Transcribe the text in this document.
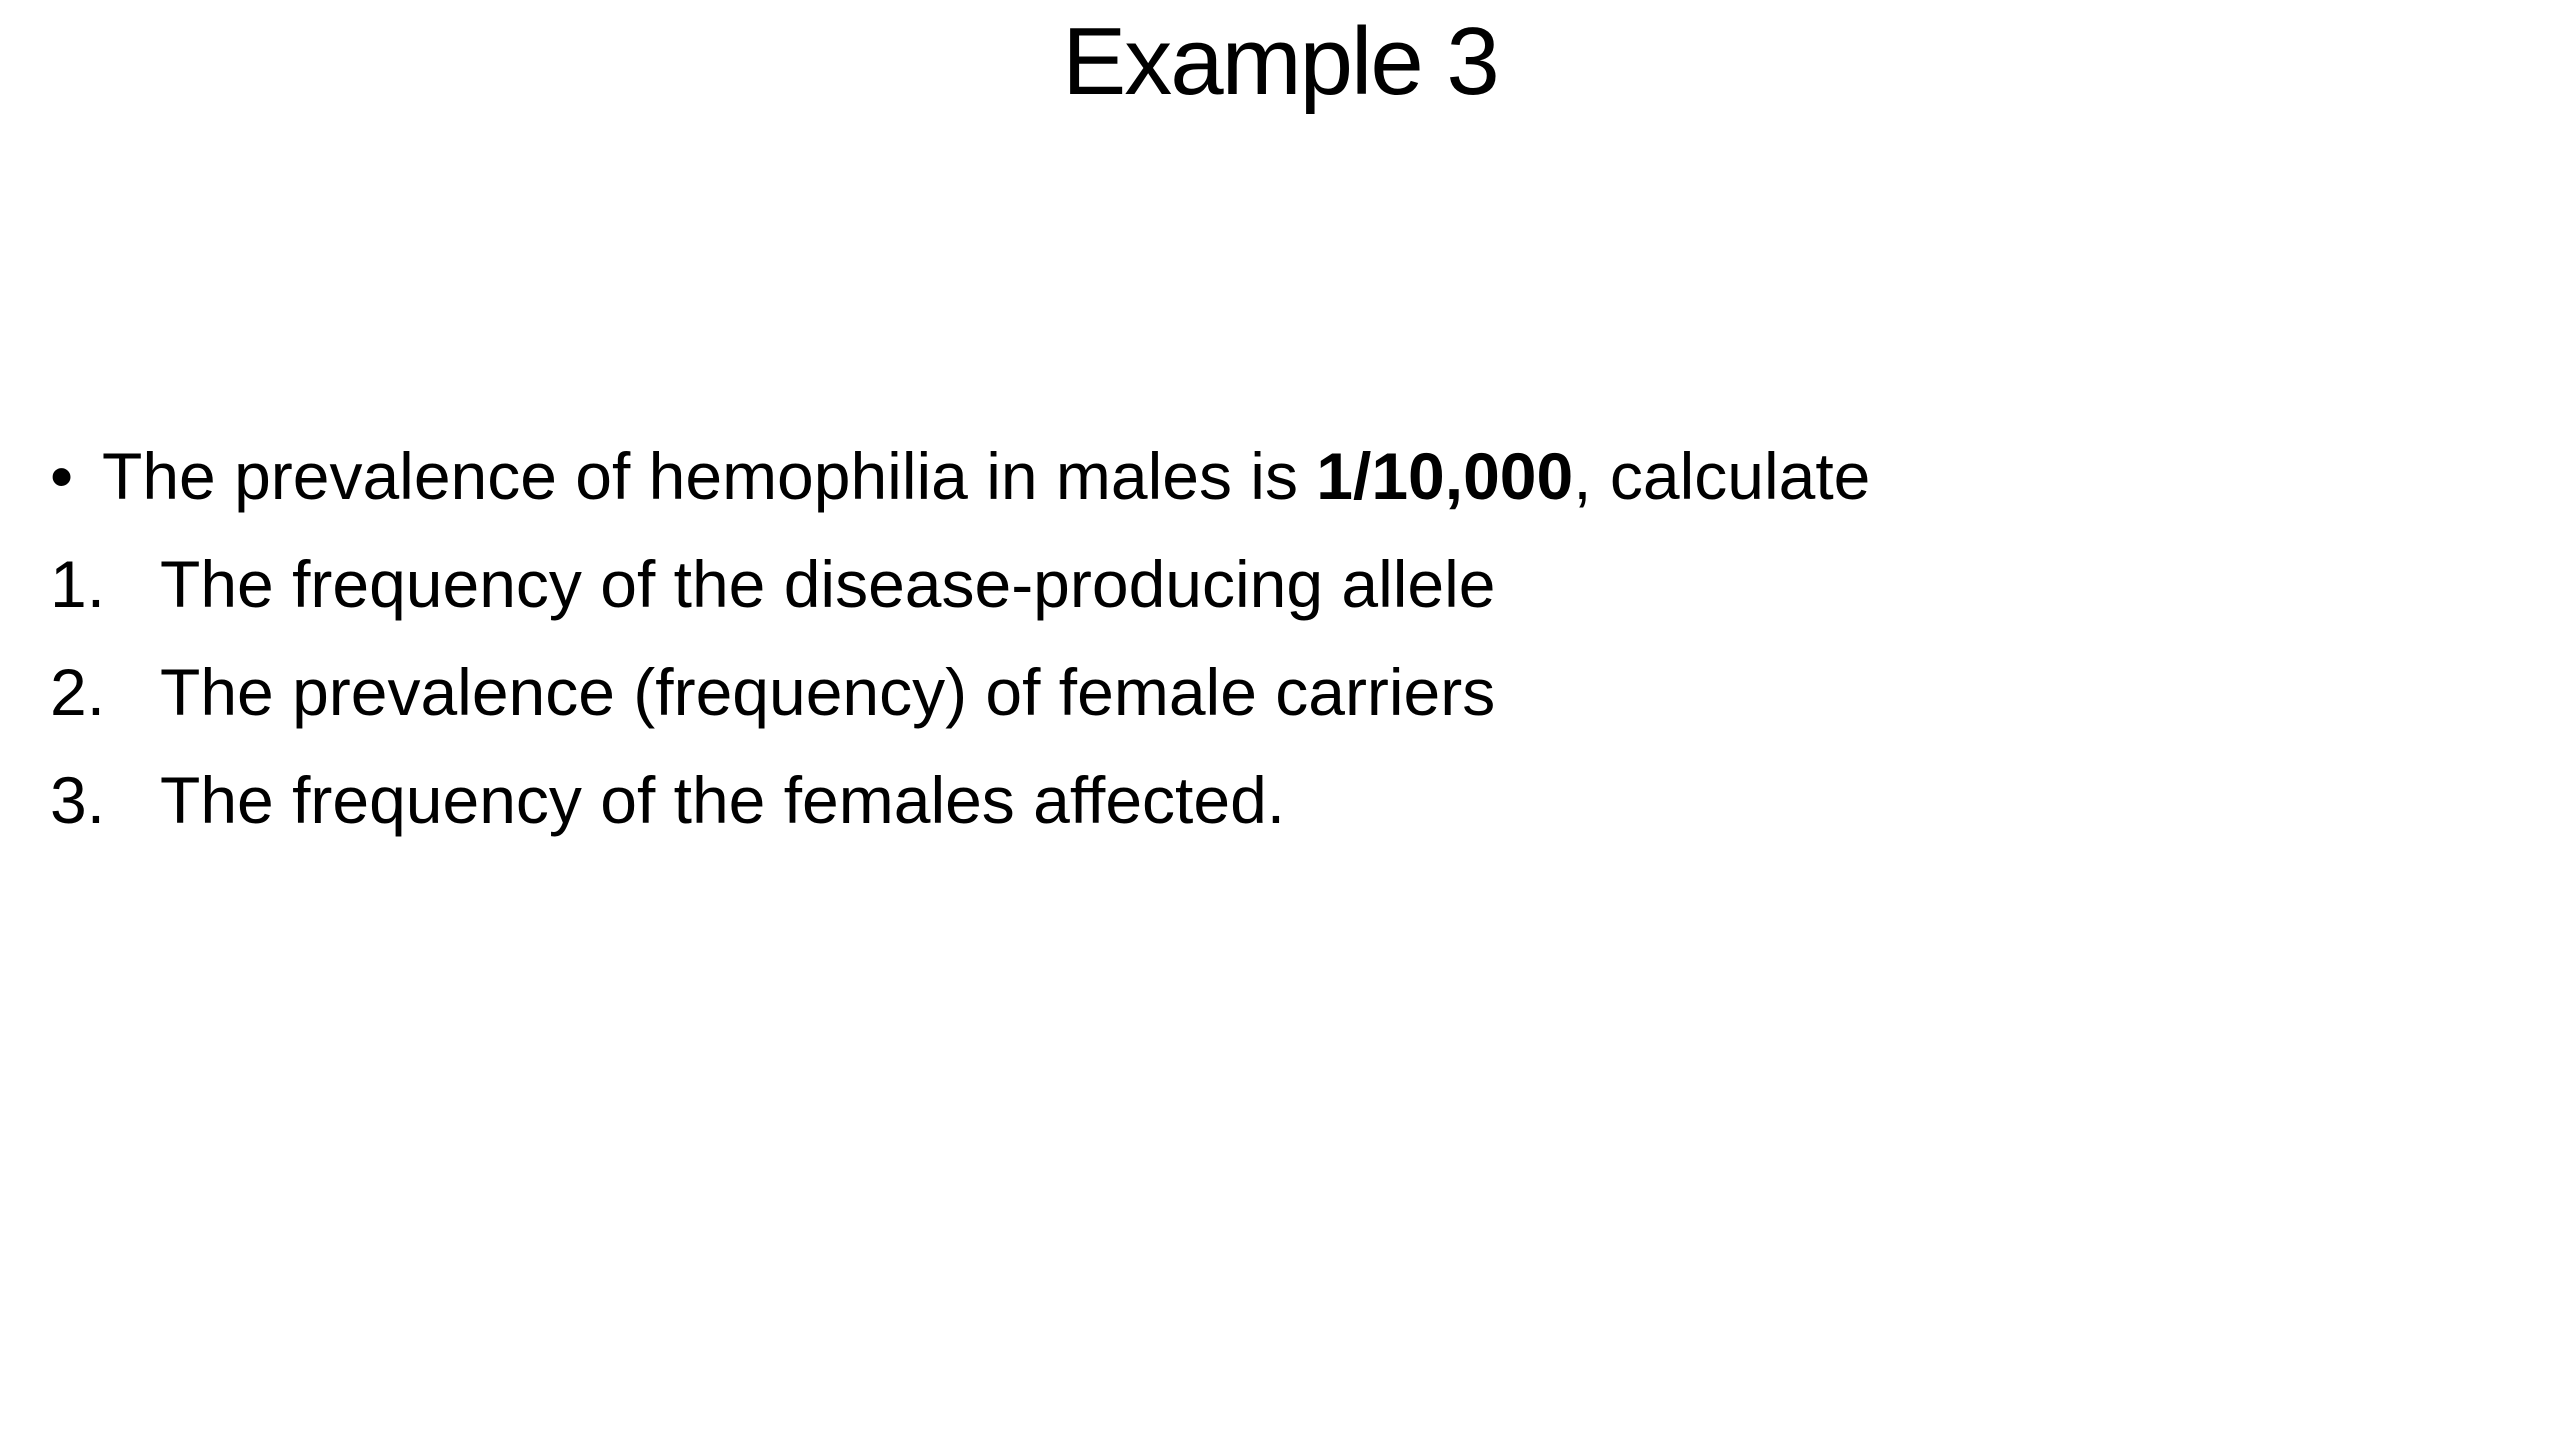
Example 3
• The prevalence of hemophilia in males is 1/10,000, calculate
1. The frequency of the disease-producing allele
2. The prevalence (frequency) of female carriers
3. The frequency of the females affected.
